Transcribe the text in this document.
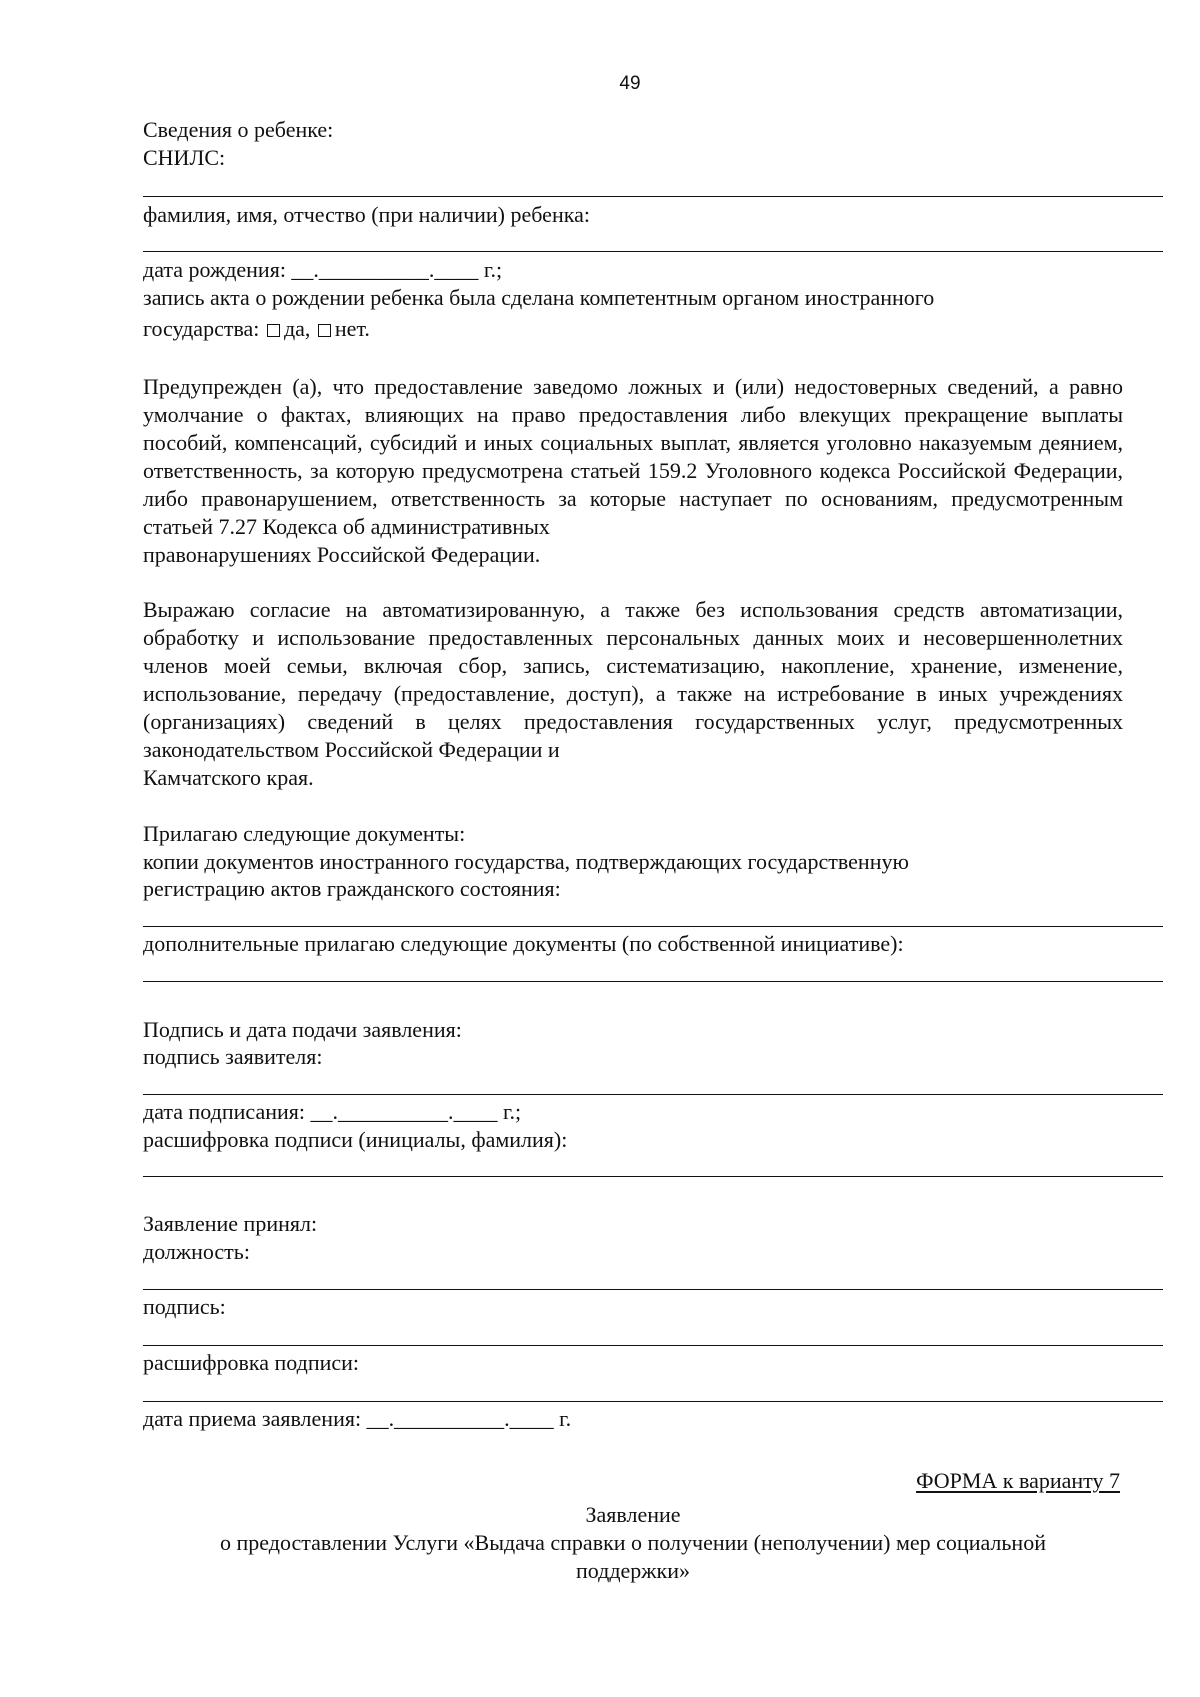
49
Сведения о ребенке:
СНИЛС:
фамилия, имя, отчество (при наличии) ребенка:
дата рождения: __.__________.____ г.;
запись акта о рождении ребенка была сделана компетентным органом иностранного
государства: да, нет.
Предупрежден (а), что предоставление заведомо ложных и (или) недостоверных сведений, а равно умолчание о фактах, влияющих на право предоставления либо влекущих прекращение выплаты пособий, компенсаций, субсидий и иных социальных выплат, является уголовно наказуемым деянием, ответственность, за которую предусмотрена статьей 159.2 Уголовного кодекса Российской Федерации, либо правонарушением, ответственность за которые наступает по основаниям, предусмотренным статьей 7.27 Кодекса об административных
правонарушениях Российской Федерации.
Выражаю согласие на автоматизированную, а также без использования средств автоматизации, обработку и использование предоставленных персональных данных моих и несовершеннолетних членов моей семьи, включая сбор, запись, систематизацию, накопление, хранение, изменение, использование, передачу (предоставление, доступ), а также на истребование в иных учреждениях (организациях) сведений в целях предоставления государственных услуг, предусмотренных законодательством Российской Федерации и
Камчатского края.
Прилагаю следующие документы:
копии документов иностранного государства, подтверждающих государственную
регистрацию актов гражданского состояния:
дополнительные прилагаю следующие документы (по собственной инициативе):
Подпись и дата подачи заявления:
подпись заявителя:
дата подписания: __.__________.____ г.;
расшифровка подписи (инициалы, фамилия):
Заявление принял:
должность:
подпись:
расшифровка подписи:
дата приема заявления: __.__________.____ г.
ФОРМА к варианту 7
Заявление
о предоставлении Услуги «Выдача справки о получении (неполучении) мер социальной
поддержки»
